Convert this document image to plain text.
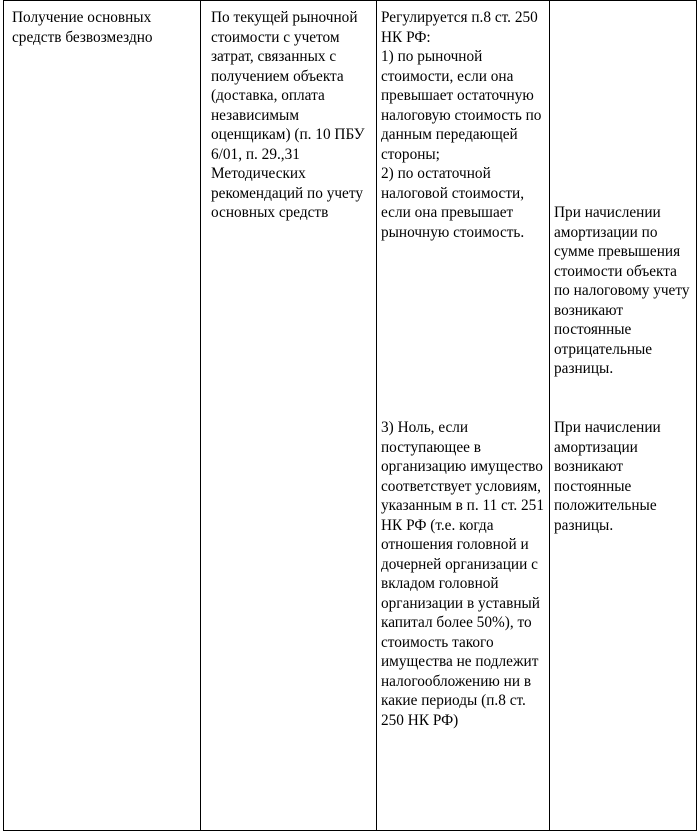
Получение основных средств безвозмездно

По текущей рыночной стоимости с учетом затрат, связанных с получением объекта (доставка, оплата независимым оценщикам) (п. 10 ПБУ 6/01, п. 29.,31 Методических рекомендаций по учету основных средств

Регулируется п.8 ст. 250 НК РФ:

1) по рыночной стоимости, если она превышает остаточную налоговую стоимость по данным передающей стороны;

2) по остаточной налоговой стоимости, если она превышает рыночную стоимость.

3) Ноль, если поступающее в организацию имущество соответствует условиям, указанным в п. 11 ст. 251 НК РФ (т.е. когда отношения головной и дочерней организации с вкладом головной организации в уставный капитал более 50%), то стоимость такого имущества не подлежит налогообложению ни в какие периоды (п.8 ст. 250 НК РФ)

При начислении амортизации по сумме превышения стоимости объекта по налоговому учету возникают постоянные отрицательные разницы.

При начислении амортизации возникают постоянные положительные разницы.
